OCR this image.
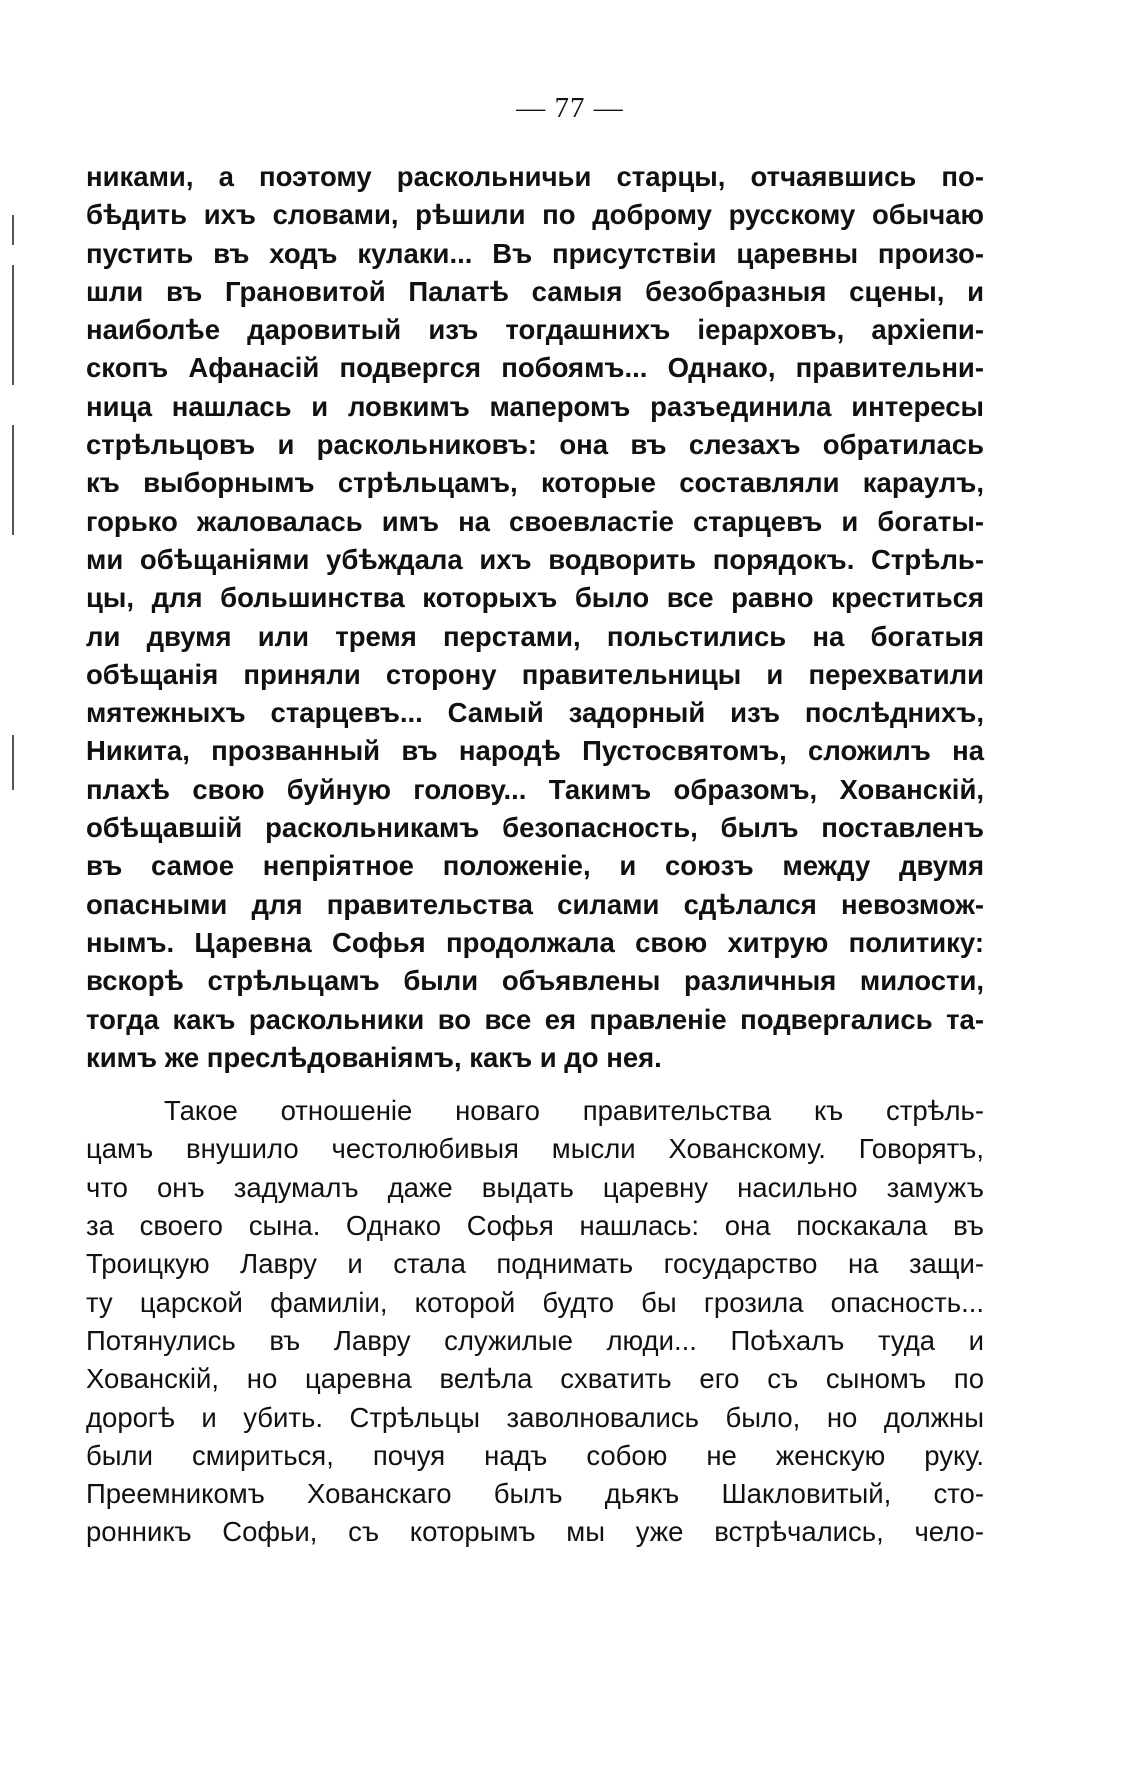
— 77 —
никами, а поэтому раскольничьи старцы, отчаявшись по-
бѣдить ихъ словами, рѣшили по доброму русскому обычаю
пустить въ ходъ кулаки... Въ присутствіи царевны произо-
шли въ Грановитой Палатѣ самыя безобразныя сцены, и
наиболѣе даровитый изъ тогдашнихъ іерарховъ, архіепи-
скопъ Афанасій подвергся побоямъ... Однако, правительни-
ница нашлась и ловкимъ маперомъ разъединила интересы
стрѣльцовъ и раскольниковъ: она въ слезахъ обратилась
къ выборнымъ стрѣльцамъ, которые составляли караулъ,
горько жаловалась имъ на своевластіе старцевъ и богаты-
ми обѣщаніями убѣждала ихъ водворить порядокъ. Стрѣль-
цы, для большинства которыхъ было все равно креститься
ли двумя или тремя перстами, польстились на богатыя
обѣщанія приняли сторону правительницы и перехватили
мятежныхъ старцевъ... Самый задорный изъ послѣднихъ,
Никита, прозванный въ народѣ Пустосвятомъ, сложилъ на
плахѣ свою буйную голову... Такимъ образомъ, Хованскій,
обѣщавшій раскольникамъ безопасность, былъ поставленъ
въ самое непріятное положеніе, и союзъ между двумя
опасными для правительства силами сдѣлался невозмож-
нымъ. Царевна Софья продолжала свою хитрую политику:
вскорѣ стрѣльцамъ были объявлены различныя милости,
тогда какъ раскольники во все ея правленіе подвергались та-
кимъ же преслѣдованіямъ, какъ и до нея.
Такое отношеніе новаго правительства къ стрѣль-
цамъ внушило честолюбивыя мысли Хованскому. Говорятъ,
что онъ задумалъ даже выдать царевну насильно замужъ
за своего сына. Однако Софья нашлась: она поскакала въ
Троицкую Лавру и стала поднимать государство на защи-
ту царской фамиліи, которой будто бы грозила опасность...
Потянулись въ Лавру служилые люди... Поѣхалъ туда и
Хованскій, но царевна велѣла схватить его съ сыномъ по
дорогѣ и убить. Стрѣльцы заволновались было, но должны
были смириться, почуя надъ собою не женскую руку.
Преемникомъ Хованскаго былъ дьякъ Шакловитый, сто-
ронникъ Софьи, съ которымъ мы уже встрѣчались, чело-
